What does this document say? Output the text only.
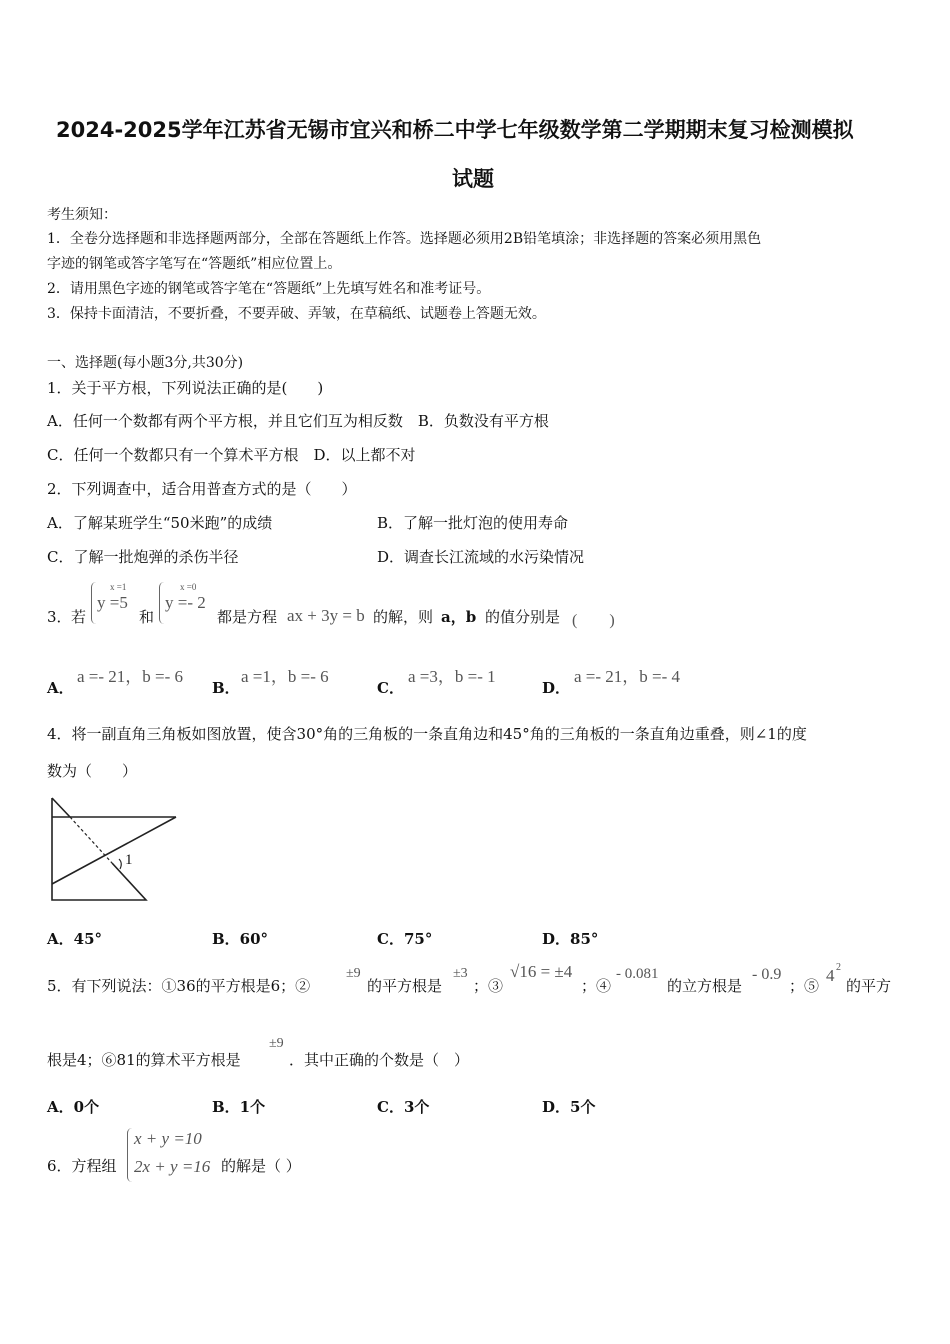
2024-2025学年江苏省无锡市宜兴和桥二中学七年级数学第二学期期末复习检测模拟
试题
考生须知：
1．全卷分选择题和非选择题两部分，全部在答题纸上作答。选择题必须用2B铅笔填涂；非选择题的答案必须用黑色
字迹的钢笔或答字笔写在“答题纸”相应位置上。
2．请用黑色字迹的钢笔或答字笔在“答题纸”上先填写姓名和准考证号。
3．保持卡面清洁，不要折叠，不要弄破、弄皱，在草稿纸、试题卷上答题无效。
一、选择题(每小题3分,共30分)
1．关于平方根，下列说法正确的是(　　)
A．任何一个数都有两个平方根，并且它们互为相反数　B．负数没有平方根
C．任何一个数都只有一个算术平方根　D．以上都不对
2．下列调查中，适合用普查方式的是（　　）
A．了解某班学生“50米跑”的成绩	B．了解一批灯泡的使用寿命
C．了解一批炮弹的杀伤半径	D．调查长江流域的水污染情况
3． 若
x =1
y =5
和
x =0
y =- 2
都是方程 ax + 3y = b 的解，则 a，b 的值分别是 (　　)
A．
a =- 21，b =- 6
B．
a =1，b =- 6
C．
a =3，b =- 1
D．
a =- 21，b =- 4
4．将一副直角三角板如图放置，使含30°角的三角板的一条直角边和45°角的三角板的一条直角边重叠，则∠1的度
数为（　　）
1
A．45°	B．60°	C．75°	D．85°
5．有下列说法：①36的平方根是6；②
±9
的平方根是
±3
；③
√16 = ±4
；④
- 0.081
的立方根是
- 0.9
；⑤
4 2
的平方
根是4；⑥81的算术平方根是
±9
．其中正确的个数是（　）
A．0个	B．1个	C．3个	D．5个
6．方程组
x + y =10
2x + y =16 的解是（ ）
